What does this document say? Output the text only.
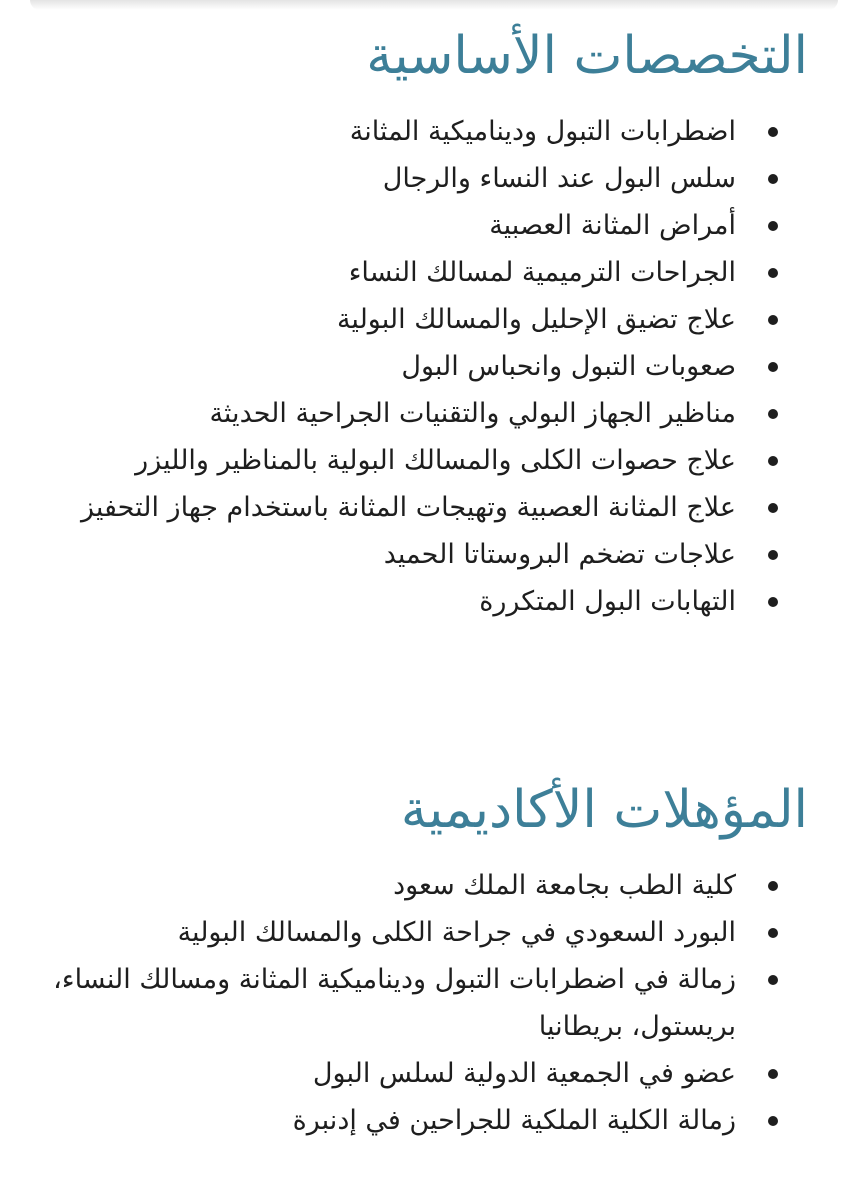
التخصصات الأساسية
اضطرابات التبول وديناميكية المثانة
سلس البول عند النساء والرجال
أمراض المثانة العصبية
الجراحات الترميمية لمسالك النساء
علاج تضيق الإحليل والمسالك البولية
صعوبات التبول وانحباس البول
مناظير الجهاز البولي والتقنيات الجراحية الحديثة
علاج حصوات الكلى والمسالك البولية بالمناظير والليزر
علاج المثانة العصبية وتهيجات المثانة باستخدام جهاز التحفيز
علاجات تضخم البروستاتا الحميد
التهابات البول المتكررة
المؤهلات الأكاديمية
كلية الطب بجامعة الملك سعود
البورد السعودي في جراحة الكلى والمسالك البولية
زمالة في اضطرابات التبول وديناميكية المثانة ومسالك النساء، بريستول، بريطانيا
عضو في الجمعية الدولية لسلس البول
زمالة الكلية الملكية للجراحين في إدنبرة
